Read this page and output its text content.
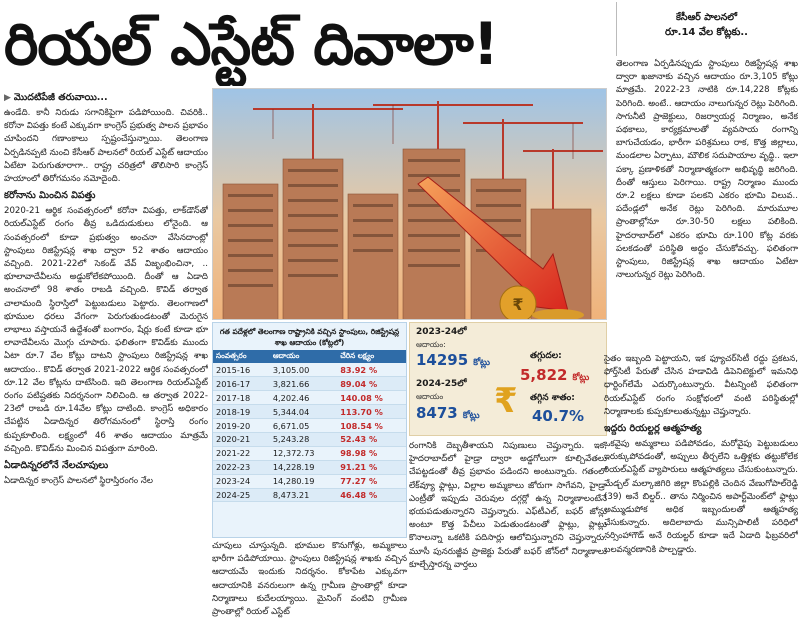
రియల్ ఎస్టేట్ దివాలా!	కేసీఆర్ పాలనలో
రూ.14 వేల కోట్లకు..
▶ మొదటిపేజీ తరువాయి...

ఉండేది. కానీ నిరుడు సగానికిపైగా పడిపోయింది. చివరికి.. కరోనా విపత్తు కంటే ఎక్కువగా కాంగ్రెస్ ప్రభుత్వ పాలన ప్రభావం చూపిందని గణాంకాలు స్పష్టంచేస్తున్నాయి. తెలంగాణ ఏర్పడినప్పటి నుంచి కేసీఆర్ పాలనలో రియల్ ఎస్టేట్ ఆదాయం ఏటేటా పెరుగుతూరాగా.. రాష్ట్ర చరిత్రలో తొలిసారి కాంగ్రెస్ హయాంలో తిరోగమనం నమోదైంది.

కరోనాను మించిన విపత్తు

2020-21 ఆర్థిక సంవత్సరంలో కరోనా విపత్తు, లాక్‌డౌన్‌తో రియల్‌ఎస్టేట్ రంగం తీవ్ర ఒడిదుడుకులు లోనైంది. ఆ సంవత్సరంలో కూడా ప్రభుత్వం అంచనా వేసినదాంట్లో స్టాంపులు రిజిస్ట్రేషన్ల శాఖ ద్వారా 52 శాతం ఆదాయం వచ్చింది. 2021-22లో సెకండ్ వేవ్ విజృంభించినా, .. భూలావాదేవీలను అడ్డుకోలేకపోయింది. దీంతో ఆ ఏడాది అంచనాలో 98 శాతం రాబడి వచ్చింది. కొవిడ్ తర్వాత చాలామంది స్థిరాస్తిలో పెట్టుబడులు పెట్టారు. తెలంగాణలో భూముల ధరలు వేగంగా పెరుగుతుండటంతో మెరుగైన లాభాలు వస్తాయనే ఉద్దేశంతో బంగారం, షేర్లు కంటే కూడా భూ లావాదేవీలను మొగ్గు చూపారు. ఫలితంగా కొవిడ్‌కు ముందు ఏటా రూ.7 వేల కోట్లు దాటని స్టాంపులు రిజిస్ట్రేషన్ల శాఖ ఆదాయం.. కొవిడ్ తర్వాత 2021-2022 ఆర్థిక సంవత్సరంలో రూ.12 వేల కోట్లను దాటేసింది. ఇది తెలంగాణ రియల్‌ఎస్టేట్ రంగం పటిష్టతకు నిదర్శనంగా నిలిచింది. ఆ తర్వాత 2022-23లో రాబడి రూ.14వేల కోట్లు దాటింది. కాంగ్రెస్ అధికారం చేపట్టిన ఏడాదిన్నర తిరోగమనంలో స్థిరాస్తి రంగం కుప్పకూలింది. లక్ష్యంలో 46 శాతం ఆదాయం మాత్రమే వచ్చింది. కొవిడ్‌ను మించిన విపత్తుగా మారింది.

ఏడాదిన్నరలోనే నేలచూపులు

ఏడాదిన్నర కాంగ్రెస్ పాలనలో స్థిరాస్తిరంగం నేల

₹
గత పదేళ్లలో తెలంగాణ రాష్ట్రానికి వచ్చిన స్టాంపులు, రిజిస్ట్రేషన్ల శాఖ ఆదాయం (కోట్లలో)
సంవత్సరం	ఆదాయం	చేరిన లక్ష్యం
2015-16	3,105.00	83.92 %
2016-17	3,821.66	89.04 %
2017-18	4,202.46	140.08 %
2018-19	5,344.04	113.70 %
2019-20	6,671.05	108.54 %
2020-21	5,243.28	52.43 %
2021-22	12,372.73	98.98 %
2022-23	14,228.19	91.21 %
2023-24	14,280.19	77.27 %
2024-25	8,473.21	46.48 %
2023-24లో
ఆదాయం:
14295 కోట్లు
2024-25లో
ఆదాయం
8473 కోట్లు ₹
తగ్గుదల:
5,822 కోట్లు
తగ్గిన శాతం:
40.7%

చూపులు చూస్తున్నది. భూముల కొనుగోళ్లు, అమ్మకాలు భారీగా పడిపోయాయి. స్టాంపులు రిజిస్ట్రేషన్ల శాఖకు వచ్చిన ఆదాయమే ఇందుకు నిదర్శనం. కోకాపేట ఎక్కువగా ఆదాయానికి వనరులుగా ఉన్న గ్రామీణ ప్రాంతాల్లో కూడా నిర్మాణాలు కుదేలయ్యాయి. మైనింగ్ వంటివి గ్రామీణ ప్రాంతాల్లో రియల్ ఎస్టేట్

రంగానికి దెబ్బతీశాయని నిపుణులు చెప్తున్నారు. ఇక, హైదరాబాద్‌లో హైడ్రా ద్వారా అడ్డగోలుగా కూల్చివేతలు చేపట్టడంతో తీవ్ర ప్రభావం పడిందని అంటున్నారు. గతంలో లేక్‌వ్యూ ఫ్లాట్లు, విల్లాల అమ్మకాలు జోరుగా సాగేవని, హైడ్రా ఎంట్రీతో ఇప్పుడు చెరువుల దగ్గర్లో ఉన్న నిర్మాణాలంటేనే భయపడుతున్నారని చెప్తున్నారు. ఎఫ్‌టీఎల్, బఫర్ జోన్లు అంటూ కొత్త పేచీలు పెడుతుండటంతో ఫ్లాట్లు, ప్లాట్లు కొనాలన్నా ఒకటికి పదిసార్లు ఆలోచిస్తున్నారని చెప్తున్నారు. మూసీ పునరుజ్జీవ ప్రాజెక్టు పేరుతో బఫర్ జోన్‌లో నిర్మాణాలు కూల్చేస్తారన్న వార్తలు

తెలంగాణ ఏర్పడినప్పుడు స్టాంపులు రిజిస్ట్రేషన్ల శాఖ ద్వారా ఖజానాకు వచ్చిన ఆదాయం రూ.3,105 కోట్లు మాత్రమే. 2022-23 నాటికి రూ.14,228 కోట్లకు పెరిగింది. అంటే.. ఆదాయం నాలుగున్నర రెట్లు పెరిగింది. సాగునీటి ప్రాజెక్టులు, రిజర్వాయర్ల నిర్మాణం, అనేక పథకాలు, కార్యక్రమాలతో వ్యవసాయ రంగాన్ని బాగుచేయడం, భారీగా పరిశ్రమలు రాక, కొత్త జిల్లాలు, మండలాల ఏర్పాటు, మౌలిక సదుపాయాల వృద్ధి.. ఇలా పక్కా ప్రణాళికతో నిర్మాణాత్మకంగా అభివృద్ధి జరిగింది. దీంతో ఆస్తులు పెరిగాయి. రాష్ట్ర నిర్మాణం ముందు రూ.2 లక్షలు కూడా పలకని ఎకరం భూమి విలువ.. పదేండ్లలో అనేక రెట్లు పెరిగింది. మారుమూల ప్రాంతాల్లోనూ రూ.30-50 లక్షలు పలికింది. హైదరాబాద్‌లో ఎకరం భూమి రూ.100 కోట్ల వరకు పలకడంతో పరిస్థితి అద్దం చేసుకోవచ్చు. ఫలితంగా స్టాంపులు, రిజిస్ట్రేషన్ల శాఖ ఆదాయం ఏటేటా నాలుగున్నర రెట్లు పెరిగింది.

సైతం ఇబ్బంది పెట్టాయని, ఇక ఫ్యూచర్‌సిటీ రద్దు ప్రకటన, ఫోర్త్‌సిటీ పేరుతో చేసిన హడావిడి డిపెనిటెక్టులో ఇమనిధి ధార్టింగ్‌లేమే ఎదుర్కొంటున్నారు. వీటన్నింటి ఫలితంగా రియల్‌ఎస్టేట్ రంగం సంక్షోభంలో వంటి పరిస్థితుల్లో నిర్మాణాలకు కుప్పకూలుతున్నట్టు చెప్తున్నారు.

ఇద్దరు రియల్టర్ల ఆత్మహత్య

ఒకవైపు అమ్మకాలు పడిపోవడం, మరోవైపు పెట్టుబడులు ఇరుక్కుపోవడంతో, అప్పులు తీర్చలేని ఒత్తిళ్లకు తట్టుకోలేక రియల్‌ఎస్టేట్ వ్యాపారులు ఆత్మహత్యలు చేసుకుంటున్నారు. మేడ్చల్ మల్కాజిగిరి జిల్లా కొంపల్లికి చెందిన వేణుగోపాల్‌రెడ్డి (39) అనే బిల్డర్.. తాను నిర్మించిన అపార్ట్‌మెంట్‌లో ఫ్లాట్లు అమ్ముడుపోక అధిక ఇబ్బందులతో ఆత్మహత్య చేసుకున్నారు. అదిలాబాదు మున్సిపాలిటీ పరిధిలో నర్సింహాగౌడ్ అనే రియల్టర్ కూడా ఇదే ఏడాది ఫిబ్రవరిలో బలవన్మరణానికి పాల్పడ్డారు.
